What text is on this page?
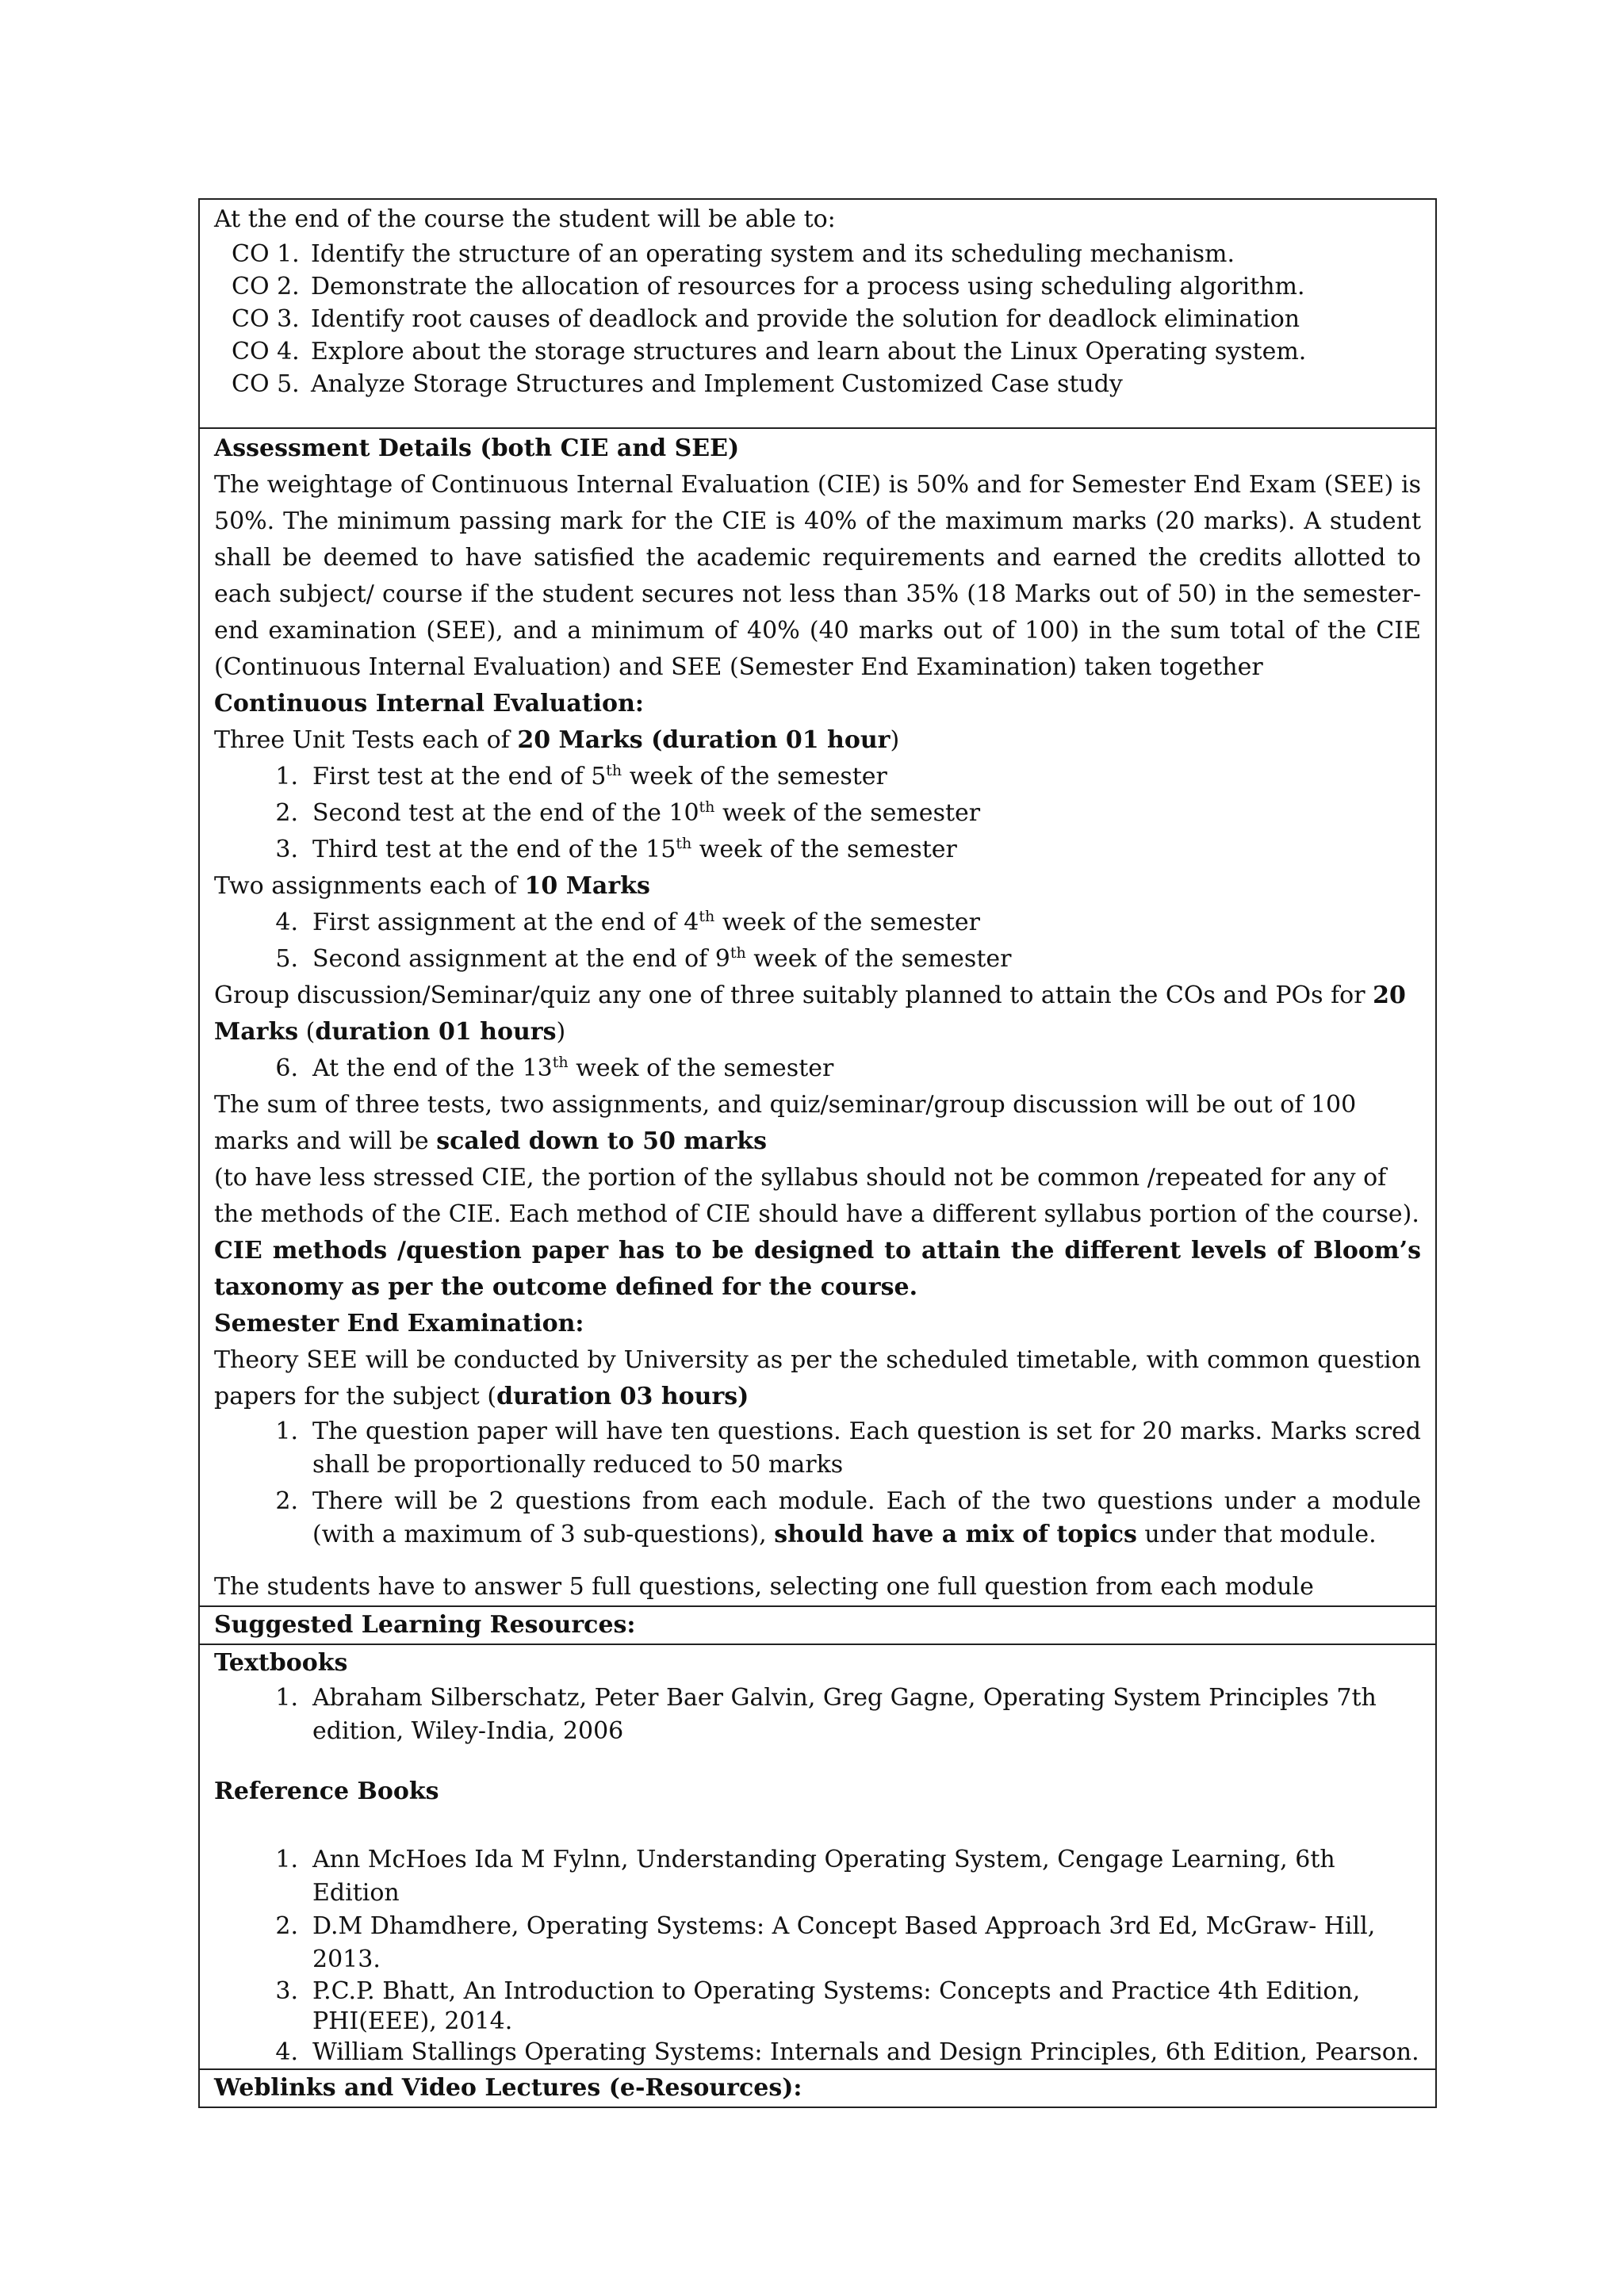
At the end of the course the student will be able to:

CO 1. Identify the structure of an operating system and its scheduling mechanism.
CO 2. Demonstrate the allocation of resources for a process using scheduling algorithm.
CO 3. Identify root causes of deadlock and provide the solution for deadlock elimination
CO 4. Explore about the storage structures and learn about the Linux Operating system.
CO 5. Analyze Storage Structures and Implement Customized Case study

Assessment Details (both CIE and SEE)

The weightage of Continuous Internal Evaluation (CIE) is 50% and for Semester End Exam (SEE) is 50%. The minimum passing mark for the CIE is 40% of the maximum marks (20 marks). A student shall be deemed to have satisfied the academic requirements and earned the credits allotted to each subject/ course if the student secures not less than 35% (18 Marks out of 50) in the semester-end examination (SEE), and a minimum of 40% (40 marks out of 100) in the sum total of the CIE (Continuous Internal Evaluation) and SEE (Semester End Examination) taken together

Continuous Internal Evaluation:

Three Unit Tests each of 20 Marks (duration 01 hour)

1. First test at the end of 5th week of the semester
2. Second test at the end of the 10th week of the semester
3. Third test at the end of the 15th week of the semester

Two assignments each of 10 Marks

4. First assignment at the end of 4th week of the semester
5. Second assignment at the end of 9th week of the semester

Group discussion/Seminar/quiz any one of three suitably planned to attain the COs and POs for 20 Marks (duration 01 hours)

6. At the end of the 13th week of the semester

The sum of three tests, two assignments, and quiz/seminar/group discussion will be out of 100 marks and will be scaled down to 50 marks

(to have less stressed CIE, the portion of the syllabus should not be common /repeated for any of the methods of the CIE. Each method of CIE should have a different syllabus portion of the course).

CIE methods /question paper has to be designed to attain the different levels of Bloom’s taxonomy as per the outcome defined for the course.

Semester End Examination:

Theory SEE will be conducted by University as per the scheduled timetable, with common question papers for the subject (duration 03 hours)

1. The question paper will have ten questions. Each question is set for 20 marks. Marks scred shall be proportionally reduced to 50 marks
2. There will be 2 questions from each module. Each of the two questions under a module (with a maximum of 3 sub-questions), should have a mix of topics under that module.

The students have to answer 5 full questions, selecting one full question from each module

Suggested Learning Resources:

Textbooks

1. Abraham Silberschatz, Peter Baer Galvin, Greg Gagne, Operating System Principles 7th edition, Wiley-India, 2006

Reference Books

1. Ann McHoes Ida M Fylnn, Understanding Operating System, Cengage Learning, 6th Edition
2. D.M Dhamdhere, Operating Systems: A Concept Based Approach 3rd Ed, McGraw- Hill, 2013.
3. P.C.P. Bhatt, An Introduction to Operating Systems: Concepts and Practice 4th Edition, PHI(EEE), 2014.
4. William Stallings Operating Systems: Internals and Design Principles, 6th Edition, Pearson.

Weblinks and Video Lectures (e-Resources):
